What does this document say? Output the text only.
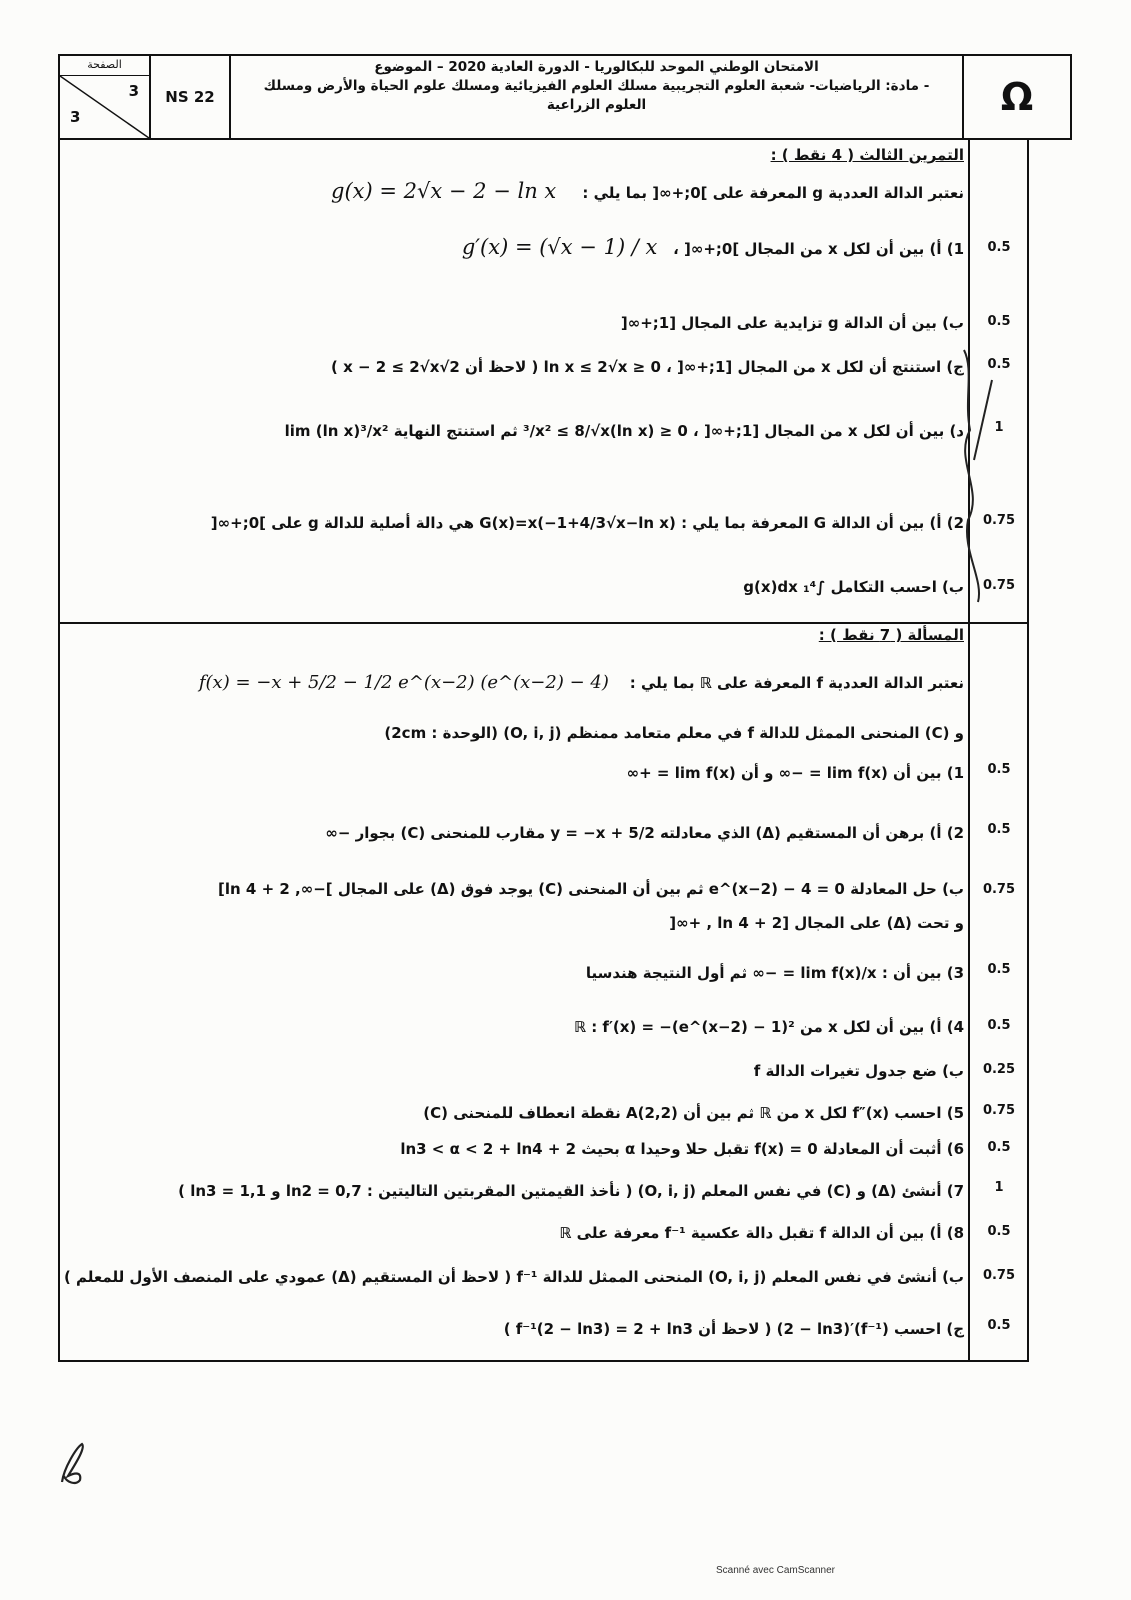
الصفحة
3
3
NS 22
الامتحان الوطني الموحد للبكالوريا - الدورة العادية 2020 – الموضوع
- مادة: الرياضيات- شعبة العلوم التجريبية مسلك العلوم الفيزيائية ومسلك علوم الحياة والأرض ومسلك
العلوم الزراعية	Ω
التمرين الثالث ( 4 نقط ) :
نعتبر الدالة العددية g المعرفة على ]0;+∞[ بما يلي :     g(x) = 2√x − 2 − ln x
1) أ) بين أن لكل x من المجال ]0;+∞[ ،   g′(x) = (√x − 1) / x
ب) بين أن الدالة g تزايدية على المجال [1;+∞[
ج) استنتج أن لكل x من المجال [1;+∞[ ، 0 ≤ ln x ≤ 2√x ( لاحظ أن 2√x − 2 ≤ 2√x )
د) بين أن لكل x من المجال [1;+∞[ ، 0 ≤ (ln x)³/x² ≤ 8/√x ثم استنتج النهاية lim (ln x)³/x²
2) أ) بين أن الدالة G المعرفة بما يلي : G(x)=x(−1+4/3√x−ln x) هي دالة أصلية للدالة g على ]0;+∞[
ب) احسب التكامل ∫₁⁴ g(x)dx
0.5
0.5
0.5
1
0.75
0.75
المسألة ( 7 نقط ) :
نعتبر الدالة العددية f المعرفة على ℝ بما يلي :    f(x) = −x + 5/2 − 1/2 e^(x−2) (e^(x−2) − 4)
و (C) المنحنى الممثل للدالة f في معلم متعامد ممنظم (O, i, j) (الوحدة : 2cm)
1) بين أن lim f(x) = −∞ و أن lim f(x) = +∞
2) أ) برهن أن المستقيم (Δ) الذي معادلته y = −x + 5/2 مقارب للمنحنى (C) بجوار −∞
ب) حل المعادلة e^(x−2) − 4 = 0 ثم بين أن المنحنى (C) يوجد فوق (Δ) على المجال ]−∞, 2 + ln 4]
و تحت (Δ) على المجال [2 + ln 4 , +∞[
3) بين أن : lim f(x)/x = −∞ ثم أول النتيجة هندسيا
4) أ) بين أن لكل x من ℝ : f′(x) = −(e^(x−2) − 1)²
ب) ضع جدول تغيرات الدالة f
5) احسب f″(x) لكل x من ℝ ثم بين أن A(2,2) نقطة انعطاف للمنحنى (C)
6) أثبت أن المعادلة f(x) = 0 تقبل حلا وحيدا α بحيث 2 + ln3 < α < 2 + ln4
7) أنشئ (Δ) و (C) في نفس المعلم (O, i, j) ( نأخذ القيمتين المقربتين التاليتين : ln2 = 0,7 و ln3 = 1,1 )
8) أ) بين أن الدالة f تقبل دالة عكسية f⁻¹ معرفة على ℝ
ب) أنشئ في نفس المعلم (O, i, j) المنحنى الممثل للدالة f⁻¹ ( لاحظ أن المستقيم (Δ) عمودي على المنصف الأول للمعلم )
ج) احسب (f⁻¹)′(2 − ln3) ( لاحظ أن f⁻¹(2 − ln3) = 2 + ln3 )
0.5
0.5
0.75
0.5
0.5
0.25
0.75
0.5
1
0.5
0.75
0.5
Scanné avec CamScanner
